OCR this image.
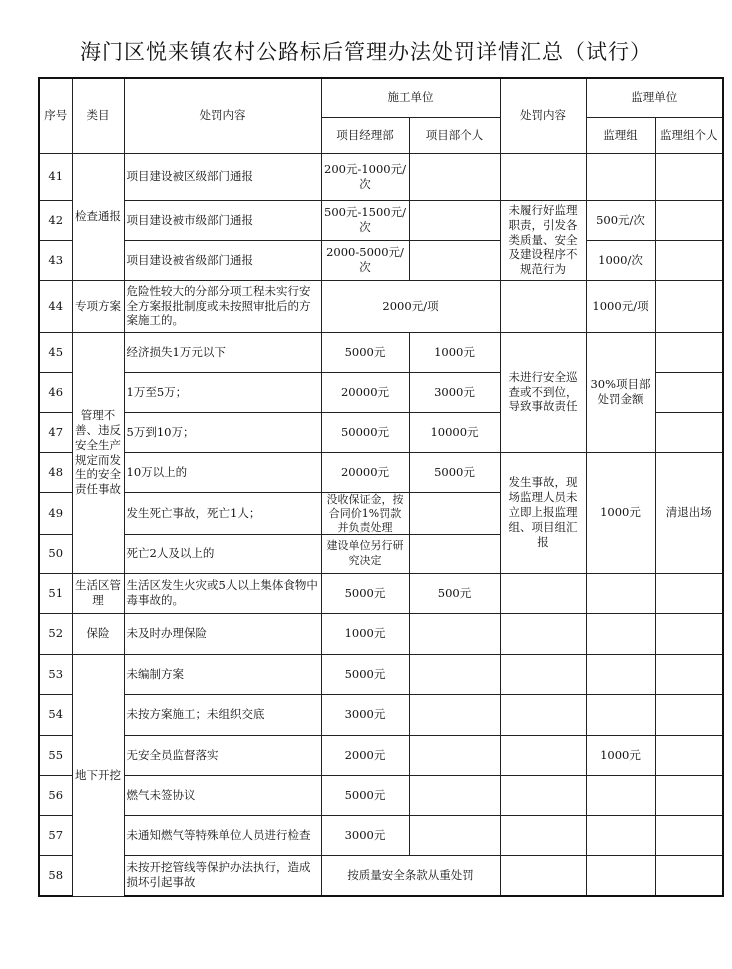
海门区悦来镇农村公路标后管理办法处罚详情汇总（试行）
序号	类目	处罚内容	施工单位		处罚内容	监理单位	
			项目经理部	项目部个人		监理组	监理组个人
41	检查通报	项目建设被区级部门通报	200元-1000元/次				
42		项目建设被市级部门通报	500元-1500元/次		未履行好监理职责，引发各类质量、安全及建设程序不规范行为	500元/次	
43		项目建设被省级部门通报	2000-5000元/次			1000/次	
44	专项方案	危险性较大的分部分项工程未实行安全方案报批制度或未按照审批后的方案施工的。	2000元/项			1000元/项	
45	管理不善、违反安全生产规定而发生的安全责任事故	经济损失1万元以下	5000元	1000元	未进行安全巡查或不到位，导致事故责任	30%项目部处罚金额	
46		1万至5万；	20000元	3000元			
47		5万到10万；	50000元	10000元			
48		10万以上的	20000元	5000元	发生事故，现场监理人员未立即上报监理组、项目组汇报	1000元	清退出场
49		发生死亡事故，死亡1人；	没收保证金，按合同价1%罚款并负责处理				

50		死亡2人及以上的	建设单位另行研究决定				
51	生活区管理	生活区发生火灾或5人以上集体食物中毒事故的。	5000元	500元			
52	保险	未及时办理保险	1000元				
53	地下开挖	未编制方案	5000元				
54		未按方案施工；未组织交底	3000元				
55		无安全员监督落实	2000元			1000元	
56		燃气未签协议	5000元				
57		未通知燃气等特殊单位人员进行检查	3000元				
58		未按开挖管线等保护办法执行，造成损坏引起事故	按质量安全条款从重处罚				
